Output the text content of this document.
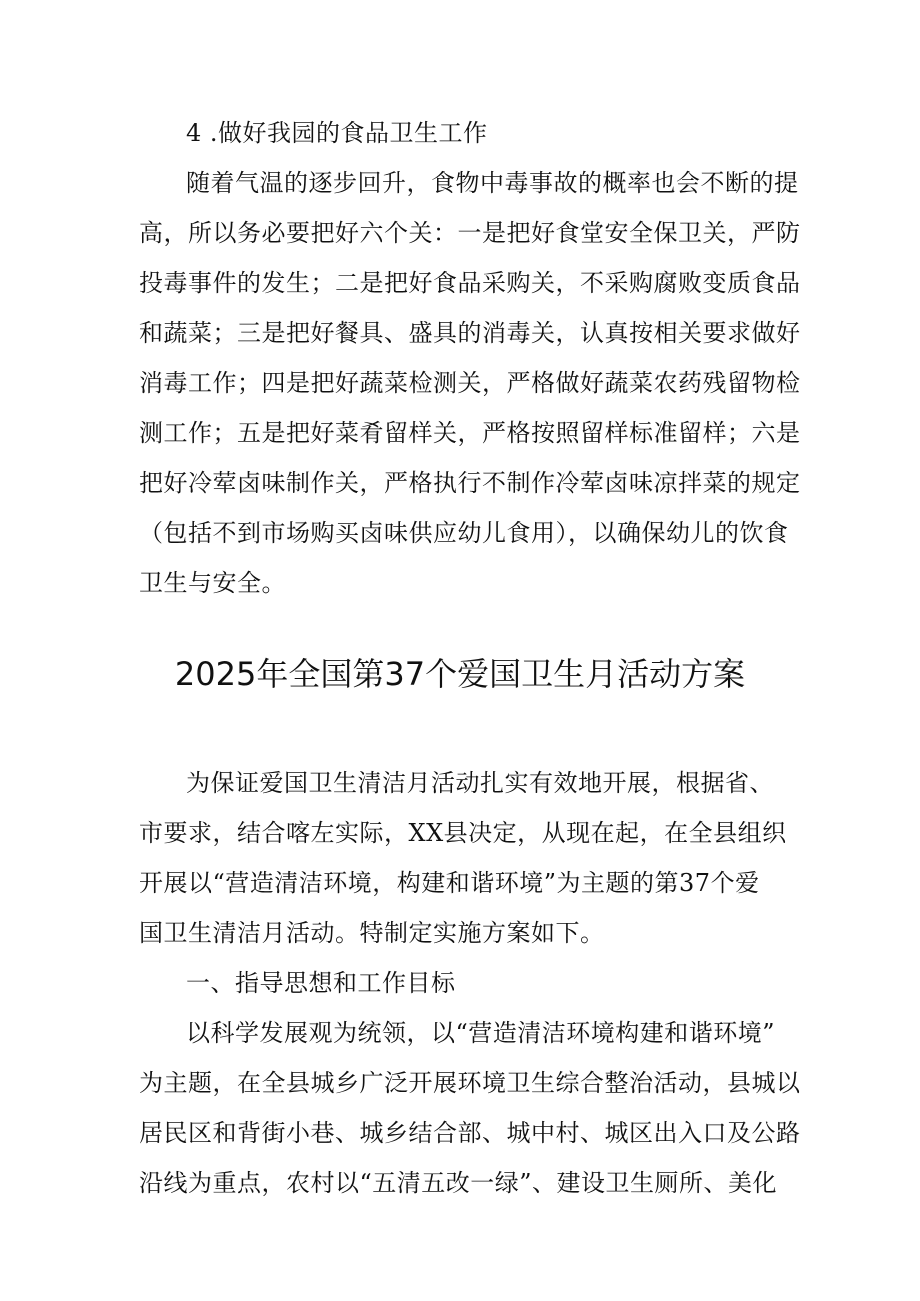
4 .做好我园的食品卫生工作
随着气温的逐步回升，食物中毒事故的概率也会不断的提
高，所以务必要把好六个关：一是把好食堂安全保卫关，严防
投毒事件的发生；二是把好食品采购关，不采购腐败变质食品
和蔬菜；三是把好餐具、盛具的消毒关，认真按相关要求做好
消毒工作；四是把好蔬菜检测关，严格做好蔬菜农药残留物检
测工作；五是把好菜肴留样关，严格按照留样标准留样；六是
把好冷荤卤味制作关，严格执行不制作冷荤卤味凉拌菜的规定
（包括不到市场购买卤味供应幼儿食用），以确保幼儿的饮食
卫生与安全。
2025年全国第37个爱国卫生月活动方案
为保证爱国卫生清洁月活动扎实有效地开展，根据省、
市要求，结合喀左实际，XX县决定，从现在起，在全县组织
开展以“营造清洁环境，构建和谐环境”为主题的第37个爱
国卫生清洁月活动。特制定实施方案如下。
一、指导思想和工作目标
以科学发展观为统领，以“营造清洁环境构建和谐环境”
为主题，在全县城乡广泛开展环境卫生综合整治活动，县城以
居民区和背街小巷、城乡结合部、城中村、城区出入口及公路
沿线为重点，农村以“五清五改一绿”、建设卫生厕所、美化
